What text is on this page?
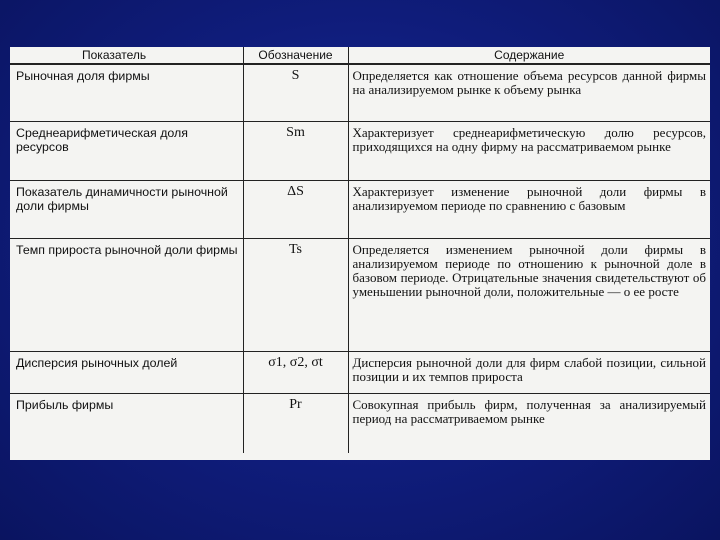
Показатель	Обозначение	Содержание
Рыночная доля фирмы	S	Определяется как отношение объема ресурсов данной фирмы на анализируемом рынке к объему рынка
Среднеарифметическая доля ресурсов	Sm	Характеризует среднеарифметическую долю ресурсов, приходящихся на одну фирму на рассматриваемом рынке
Показатель динамичности рыночной доли фирмы	ΔS	Характеризует изменение рыночной доли фирмы в анализируемом периоде по сравнению с базовым
Темп прироста рыночной доли фирмы	Ts	Определяется изменением рыночной доли фирмы в анализируемом периоде по отношению к рыночной доле в базовом периоде. Отрицательные значения свидетельствуют об уменьшении рыночной доли, положительные — о ее росте
Дисперсия рыночных долей	σ1, σ2, σt	Дисперсия рыночной доли для фирм слабой позиции, сильной позиции и их темпов прироста
Прибыль фирмы	Pr	Совокупная прибыль фирм, полученная за анализируемый период на рассматриваемом рынке
